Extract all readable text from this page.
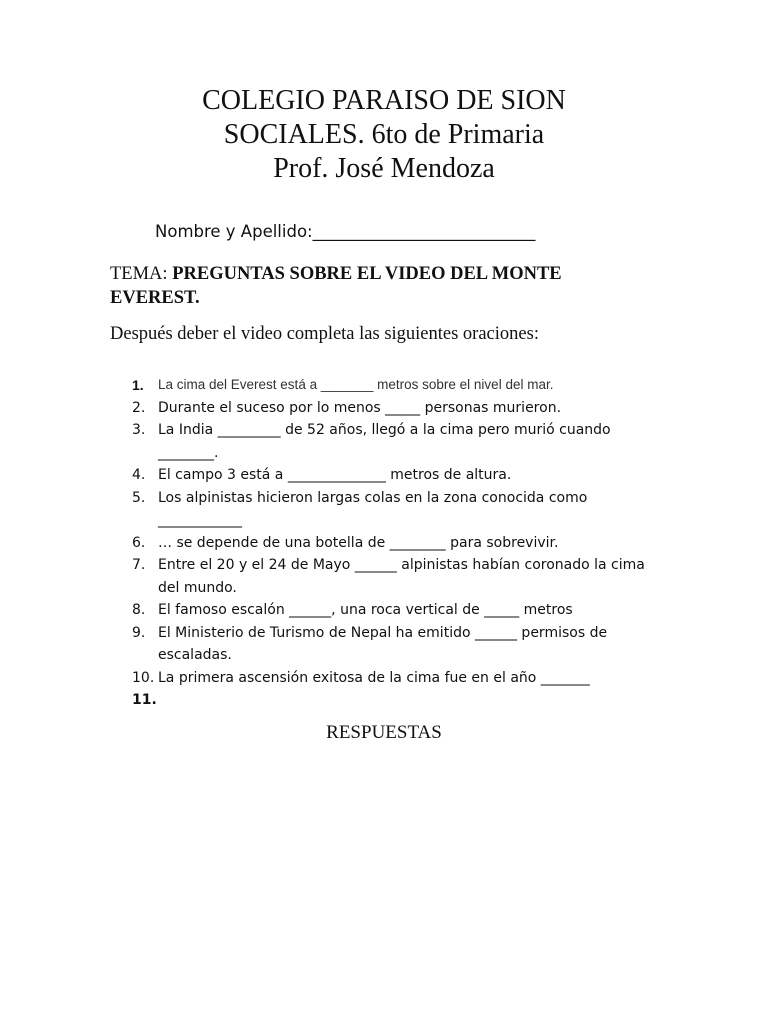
COLEGIO PARAISO DE SION
SOCIALES. 6to de Primaria
Prof. José Mendoza
Nombre y Apellido:___________________________
TEMA: PREGUNTAS SOBRE EL VIDEO DEL MONTE EVEREST.
Después deber el video completa las siguientes oraciones:
1.	La cima del Everest está a _______ metros sobre el nivel del mar.
2. Durante el suceso por lo menos _____ personas murieron.
3. La India _________ de 52 años, llegó a la cima pero murió cuando ________.
4. El campo 3 está a ______________ metros de altura.
5. Los alpinistas hicieron largas colas en la zona conocida como ____________
6. … se depende de una botella de ________ para sobrevivir.
7. Entre el 20 y el 24 de Mayo ______ alpinistas habían coronado la cima del mundo.
8. El famoso escalón ______, una roca vertical de _____ metros
9. El Ministerio de Turismo de Nepal ha emitido ______ permisos de escaladas.
10. La primera ascensión exitosa de la cima fue en el año _______
11.
RESPUESTAS
